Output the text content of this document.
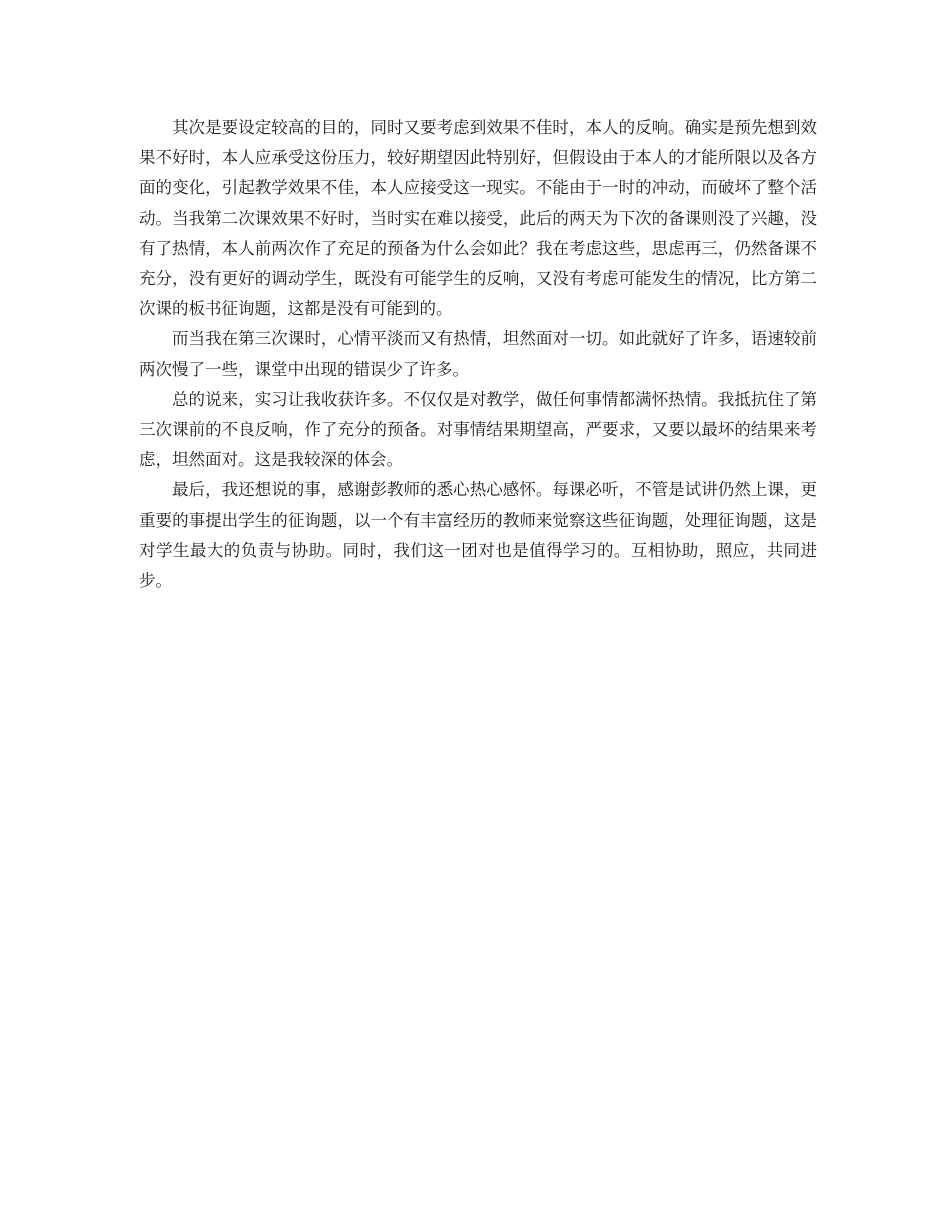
其次是要设定较高的目的，同时又要考虑到效果不佳时，本人的反响。确实是预先想到效果不好时，本人应承受这份压力，较好期望因此特别好，但假设由于本人的才能所限以及各方面的变化，引起教学效果不佳，本人应接受这一现实。不能由于一时的冲动，而破坏了整个活动。当我第二次课效果不好时，当时实在难以接受，此后的两天为下次的备课则没了兴趣，没有了热情，本人前两次作了充足的预备为什么会如此？我在考虑这些，思虑再三，仍然备课不充分，没有更好的调动学生，既没有可能学生的反响，又没有考虑可能发生的情况，比方第二次课的板书征询题，这都是没有可能到的。

而当我在第三次课时，心情平淡而又有热情，坦然面对一切。如此就好了许多，语速较前两次慢了一些，课堂中出现的错误少了许多。

总的说来，实习让我收获许多。不仅仅是对教学，做任何事情都满怀热情。我抵抗住了第三次课前的不良反响，作了充分的预备。对事情结果期望高，严要求，又要以最坏的结果来考虑，坦然面对。这是我较深的体会。

最后，我还想说的事，感谢彭教师的悉心热心感怀。每课必听，不管是试讲仍然上课，更重要的事提出学生的征询题，以一个有丰富经历的教师来觉察这些征询题，处理征询题，这是对学生最大的负责与协助。同时，我们这一团对也是值得学习的。互相协助，照应，共同进步。
